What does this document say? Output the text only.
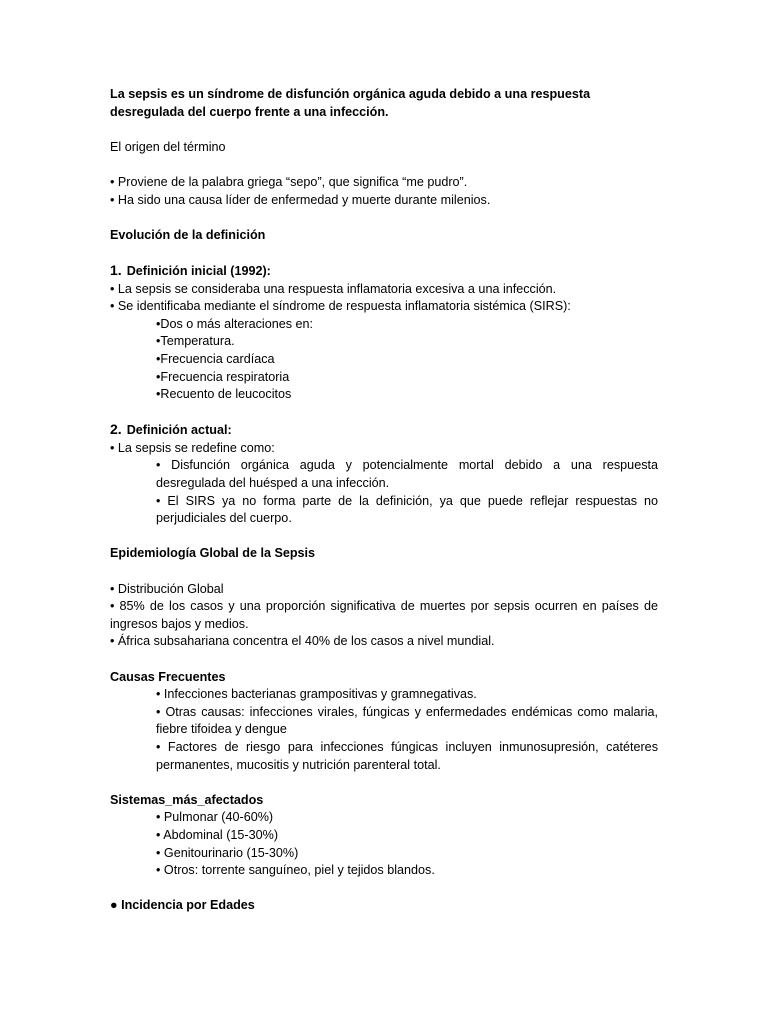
La sepsis es un síndrome de disfunción orgánica aguda debido a una respuesta desregulada del cuerpo frente a una infección.

El origen del término

• Proviene de la palabra griega “sepo”, que significa “me pudro”.

• Ha sido una causa líder de enfermedad y muerte durante milenios.

Evolución de la definición

1. Definición inicial (1992):

• La sepsis se consideraba una respuesta inflamatoria excesiva a una infección.

• Se identificaba mediante el síndrome de respuesta inflamatoria sistémica (SIRS):

•Dos o más alteraciones en:

•Temperatura.

•Frecuencia cardíaca

•Frecuencia respiratoria

•Recuento de leucocitos

2. Definición actual:

• La sepsis se redefine como:

• Disfunción orgánica aguda y potencialmente mortal debido a una respuesta desregulada del huésped a una infección.

• El SIRS ya no forma parte de la definición, ya que puede reflejar respuestas no perjudiciales del cuerpo.

Epidemiología Global de la Sepsis

• Distribución Global

• 85% de los casos y una proporción significativa de muertes por sepsis ocurren en países de ingresos bajos y medios.

• África subsahariana concentra el 40% de los casos a nivel mundial.

Causas Frecuentes

• Infecciones bacterianas grampositivas y gramnegativas.

• Otras causas: infecciones virales, fúngicas y enfermedades endémicas como malaria, fiebre tifoidea y dengue

• Factores de riesgo para infecciones fúngicas incluyen inmunosupresión, catéteres permanentes, mucositis y nutrición parenteral total.

Sistemas_más_afectados

• Pulmonar (40-60%)

• Abdominal (15-30%)

• Genitourinario (15-30%)

• Otros: torrente sanguíneo, piel y tejidos blandos.

● Incidencia por Edades
